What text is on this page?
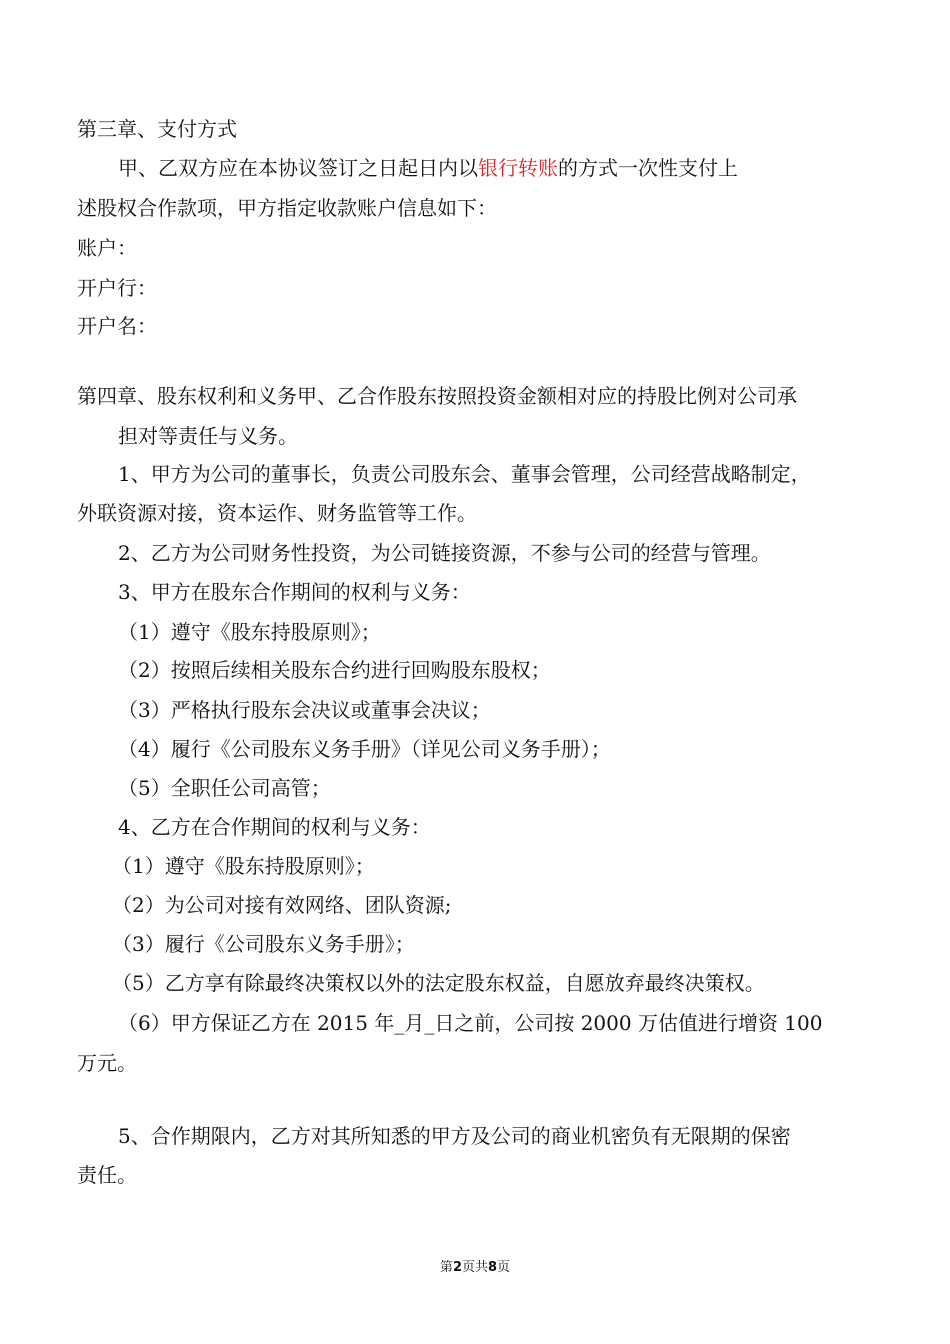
第三章、支付方式
甲、乙双方应在本协议签订之日起日内以银行转账的方式一次性支付上
述股权合作款项，甲方指定收款账户信息如下：
账户：
开户行：
开户名：
第四章、股东权利和义务甲、乙合作股东按照投资金额相对应的持股比例对公司承
担对等责任与义务。
1、甲方为公司的董事长，负责公司股东会、董事会管理，公司经营战略制定，
外联资源对接，资本运作、财务监管等工作。
2、乙方为公司财务性投资，为公司链接资源，不参与公司的经营与管理。
3、甲方在股东合作期间的权利与义务：
（1）遵守《股东持股原则》；
（2）按照后续相关股东合约进行回购股东股权；
（3）严格执行股东会决议或董事会决议；
（4）履行《公司股东义务手册》（详见公司义务手册）；
（5）全职任公司高管；
4、乙方在合作期间的权利与义务：
（1）遵守《股东持股原则》；
（2）为公司对接有效网络、团队资源;
（3）履行《公司股东义务手册》；
（5）乙方享有除最终决策权以外的法定股东权益，自愿放弃最终决策权。
（6）甲方保证乙方在 2015 年_月_日之前，公司按 2000 万估值进行增资 100
万元。
5、合作期限内，乙方对其所知悉的甲方及公司的商业机密负有无限期的保密
责任。
第2页共8页
